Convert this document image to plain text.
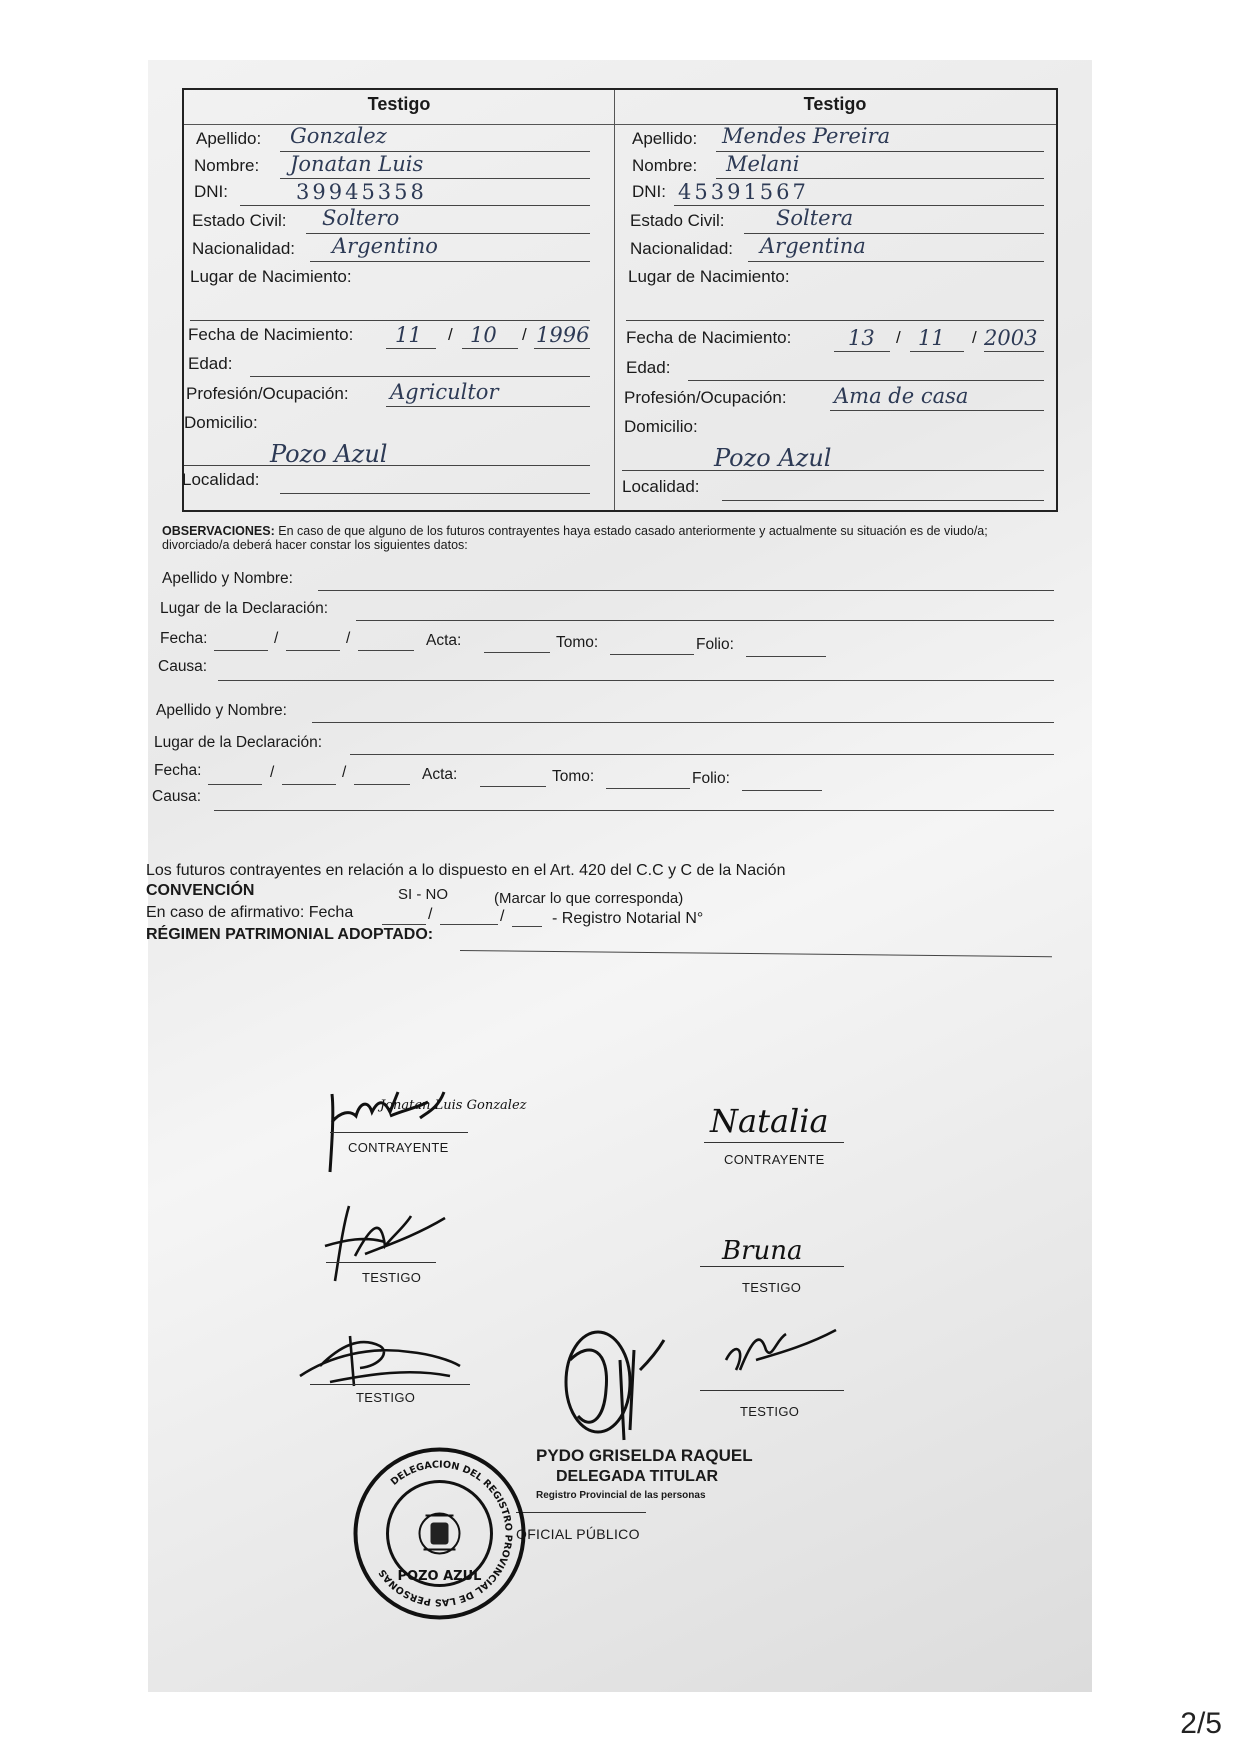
Testigo	Testigo
Apellido: Gonzalez
Nombre: Jonatan Luis
DNI:	39945358
Estado Civil: Soltero
Nacionalidad: Argentino
Lugar de Nacimiento:
Fecha de Nacimiento:	/	/
11 10 1996
Edad:
Profesión/Ocupación: Agricultor
Domicilio:
Pozo Azul
Localidad:
Apellido: Mendes Pereira
Nombre: Melani
DNI: 45391567
Estado Civil: Soltera
Nacionalidad: Argentina
Lugar de Nacimiento:
Fecha de Nacimiento:	/	/
13 11 2003
Edad:
Profesión/Ocupación: Ama de casa
Domicilio:
Pozo Azul
Localidad:
OBSERVACIONES: En caso de que alguno de los futuros contrayentes haya estado casado anteriormente y actualmente su situación es de viudo/a; divorciado/a deberá hacer constar los siguientes datos:
Apellido y Nombre:
Lugar de la Declaración:
Fecha:	/	/	Acta:	Tomo:	Folio:
Causa:
Apellido y Nombre:
Lugar de la Declaración:
Fecha:	/	/	Acta:	Tomo:	Folio:
Causa:
Los futuros contrayentes en relación a lo dispuesto en el Art. 420 del C.C y C de la Nación
CONVENCIÓN	SI - NO	(Marcar lo que corresponda)
En caso de afirmativo: Fecha	/	/	- Registro Notarial N°
RÉGIMEN PATRIMONIAL ADOPTADO:
Jonatan Luis Gonzalez
CONTRAYENTE
Natalia
CONTRAYENTE
TESTIGO
Bruna
TESTIGO
TESTIGO
TESTIGO
PYDO GRISELDA RAQUEL
DELEGADA TITULAR
Registro Provincial de las personas
OFICIAL PÚBLICO
DELEGACION DEL REGISTRO PROVINCIAL DE LAS PERSONAS POZO AZUL
2/5
